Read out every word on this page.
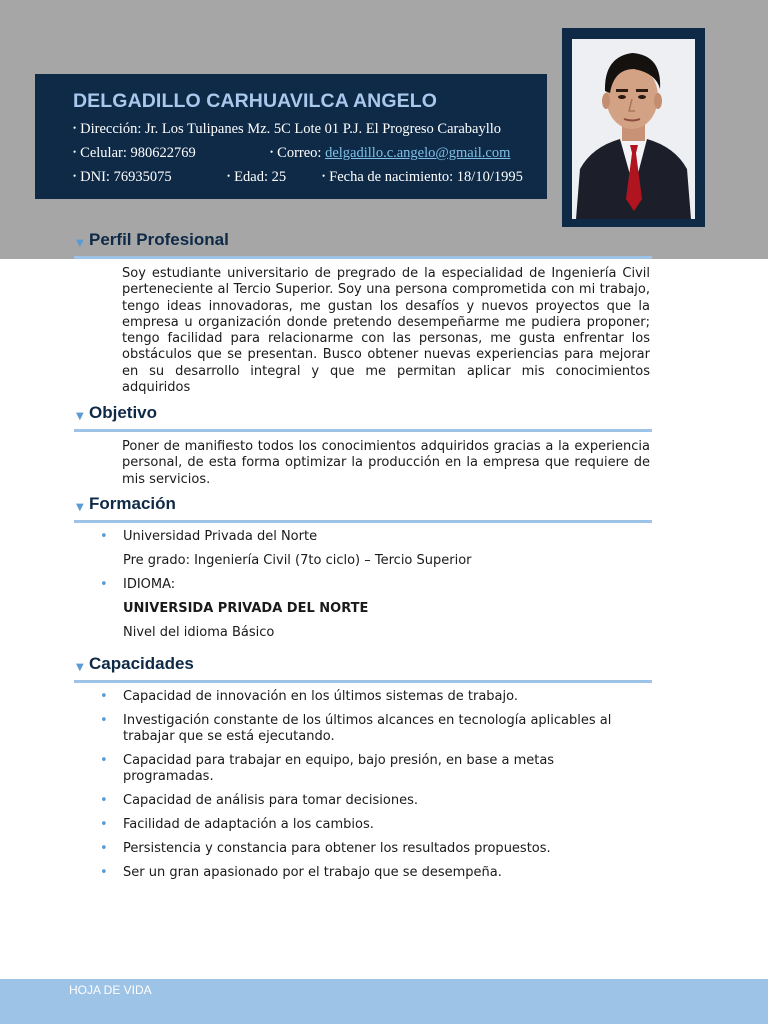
DELGADILLO CARHUAVILCA ANGELO
• Dirección: Jr. Los Tulipanes Mz. 5C Lote 01 P.J. El Progreso Carabayllo
• Celular: 980622769	• Correo: delgadillo.c.angelo@gmail.com
• DNI: 76935075	• Edad: 25	• Fecha de nacimiento: 18/10/1995
▼ Perfil Profesional
Soy estudiante universitario de pregrado de la especialidad de Ingeniería Civil perteneciente al Tercio Superior. Soy una persona comprometida con mi trabajo, tengo ideas innovadoras, me gustan los desafíos y nuevos proyectos que la empresa u organización donde pretendo desempeñarme me pudiera proponer; tengo facilidad para relacionarme con las personas, me gusta enfrentar los obstáculos que se presentan. Busco obtener nuevas experiencias para mejorar en su desarrollo integral y que me permitan aplicar mis conocimientos adquiridos
▼ Objetivo
Poner de manifiesto todos los conocimientos adquiridos gracias a la experiencia personal, de esta forma optimizar la producción en la empresa que requiere de mis servicios.
▼ Formación
• Universidad Privada del Norte
Pre grado: Ingeniería Civil (7to ciclo) – Tercio Superior
• IDIOMA:
UNIVERSIDA PRIVADA DEL NORTE
Nivel del idioma Básico
▼ Capacidades
• Capacidad de innovación en los últimos sistemas de trabajo.
• Investigación constante de los últimos alcances en tecnología aplicables al trabajar que se está ejecutando.
• Capacidad para trabajar en equipo, bajo presión, en base a metas programadas.
• Capacidad de análisis para tomar decisiones.
• Facilidad de adaptación a los cambios.
• Persistencia y constancia para obtener los resultados propuestos.
• Ser un gran apasionado por el trabajo que se desempeña.
HOJA DE VIDA
